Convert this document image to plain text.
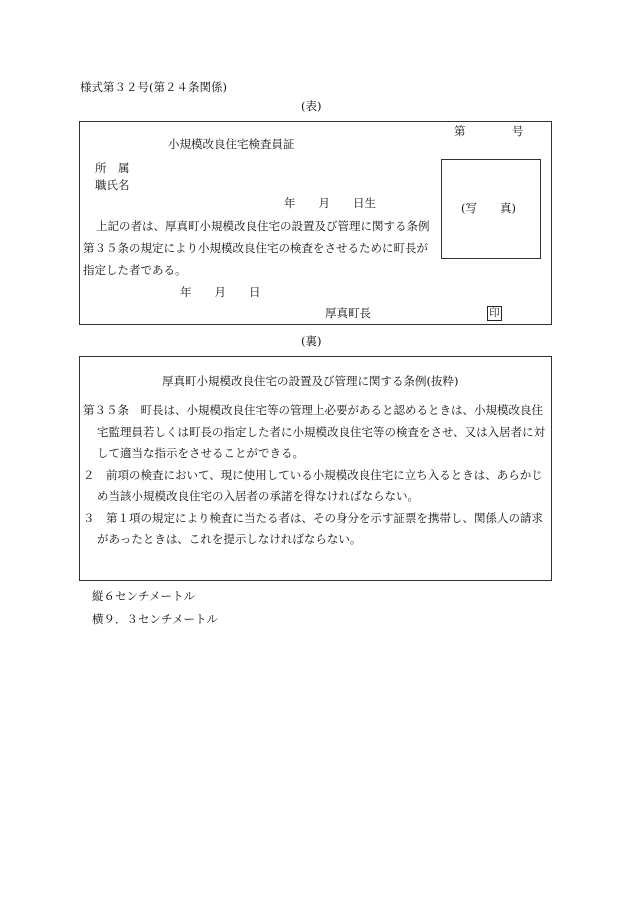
様式第３２号(第２４条関係)
(表)
第	号
小規模改良住宅検査員証
所　属
職氏名
年　　月　　日生	(写　　真)
上記の者は、厚真町小規模改良住宅の設置及び管理に関する条例
第３５条の規定により小規模改良住宅の検査をさせるために町長が
指定した者である。
年　　月　　日
厚真町長	印
(裏)
厚真町小規模改良住宅の設置及び管理に関する条例(抜粋)

第３５条　町長は、小規模改良住宅等の管理上必要があると認めるときは、小規模改良住宅監理員若しくは町長の指定した者に小規模改良住宅等の検査をさせ、又は入居者に対して適当な指示をさせることができる。

２　前項の検査において、現に使用している小規模改良住宅に立ち入るときは、あらかじめ当該小規模改良住宅の入居者の承諾を得なければならない。

３　第１項の規定により検査に当たる者は、その身分を示す証票を携帯し、関係人の請求があったときは、これを提示しなければならない。

縦６センチメートル
横９．３センチメートル
